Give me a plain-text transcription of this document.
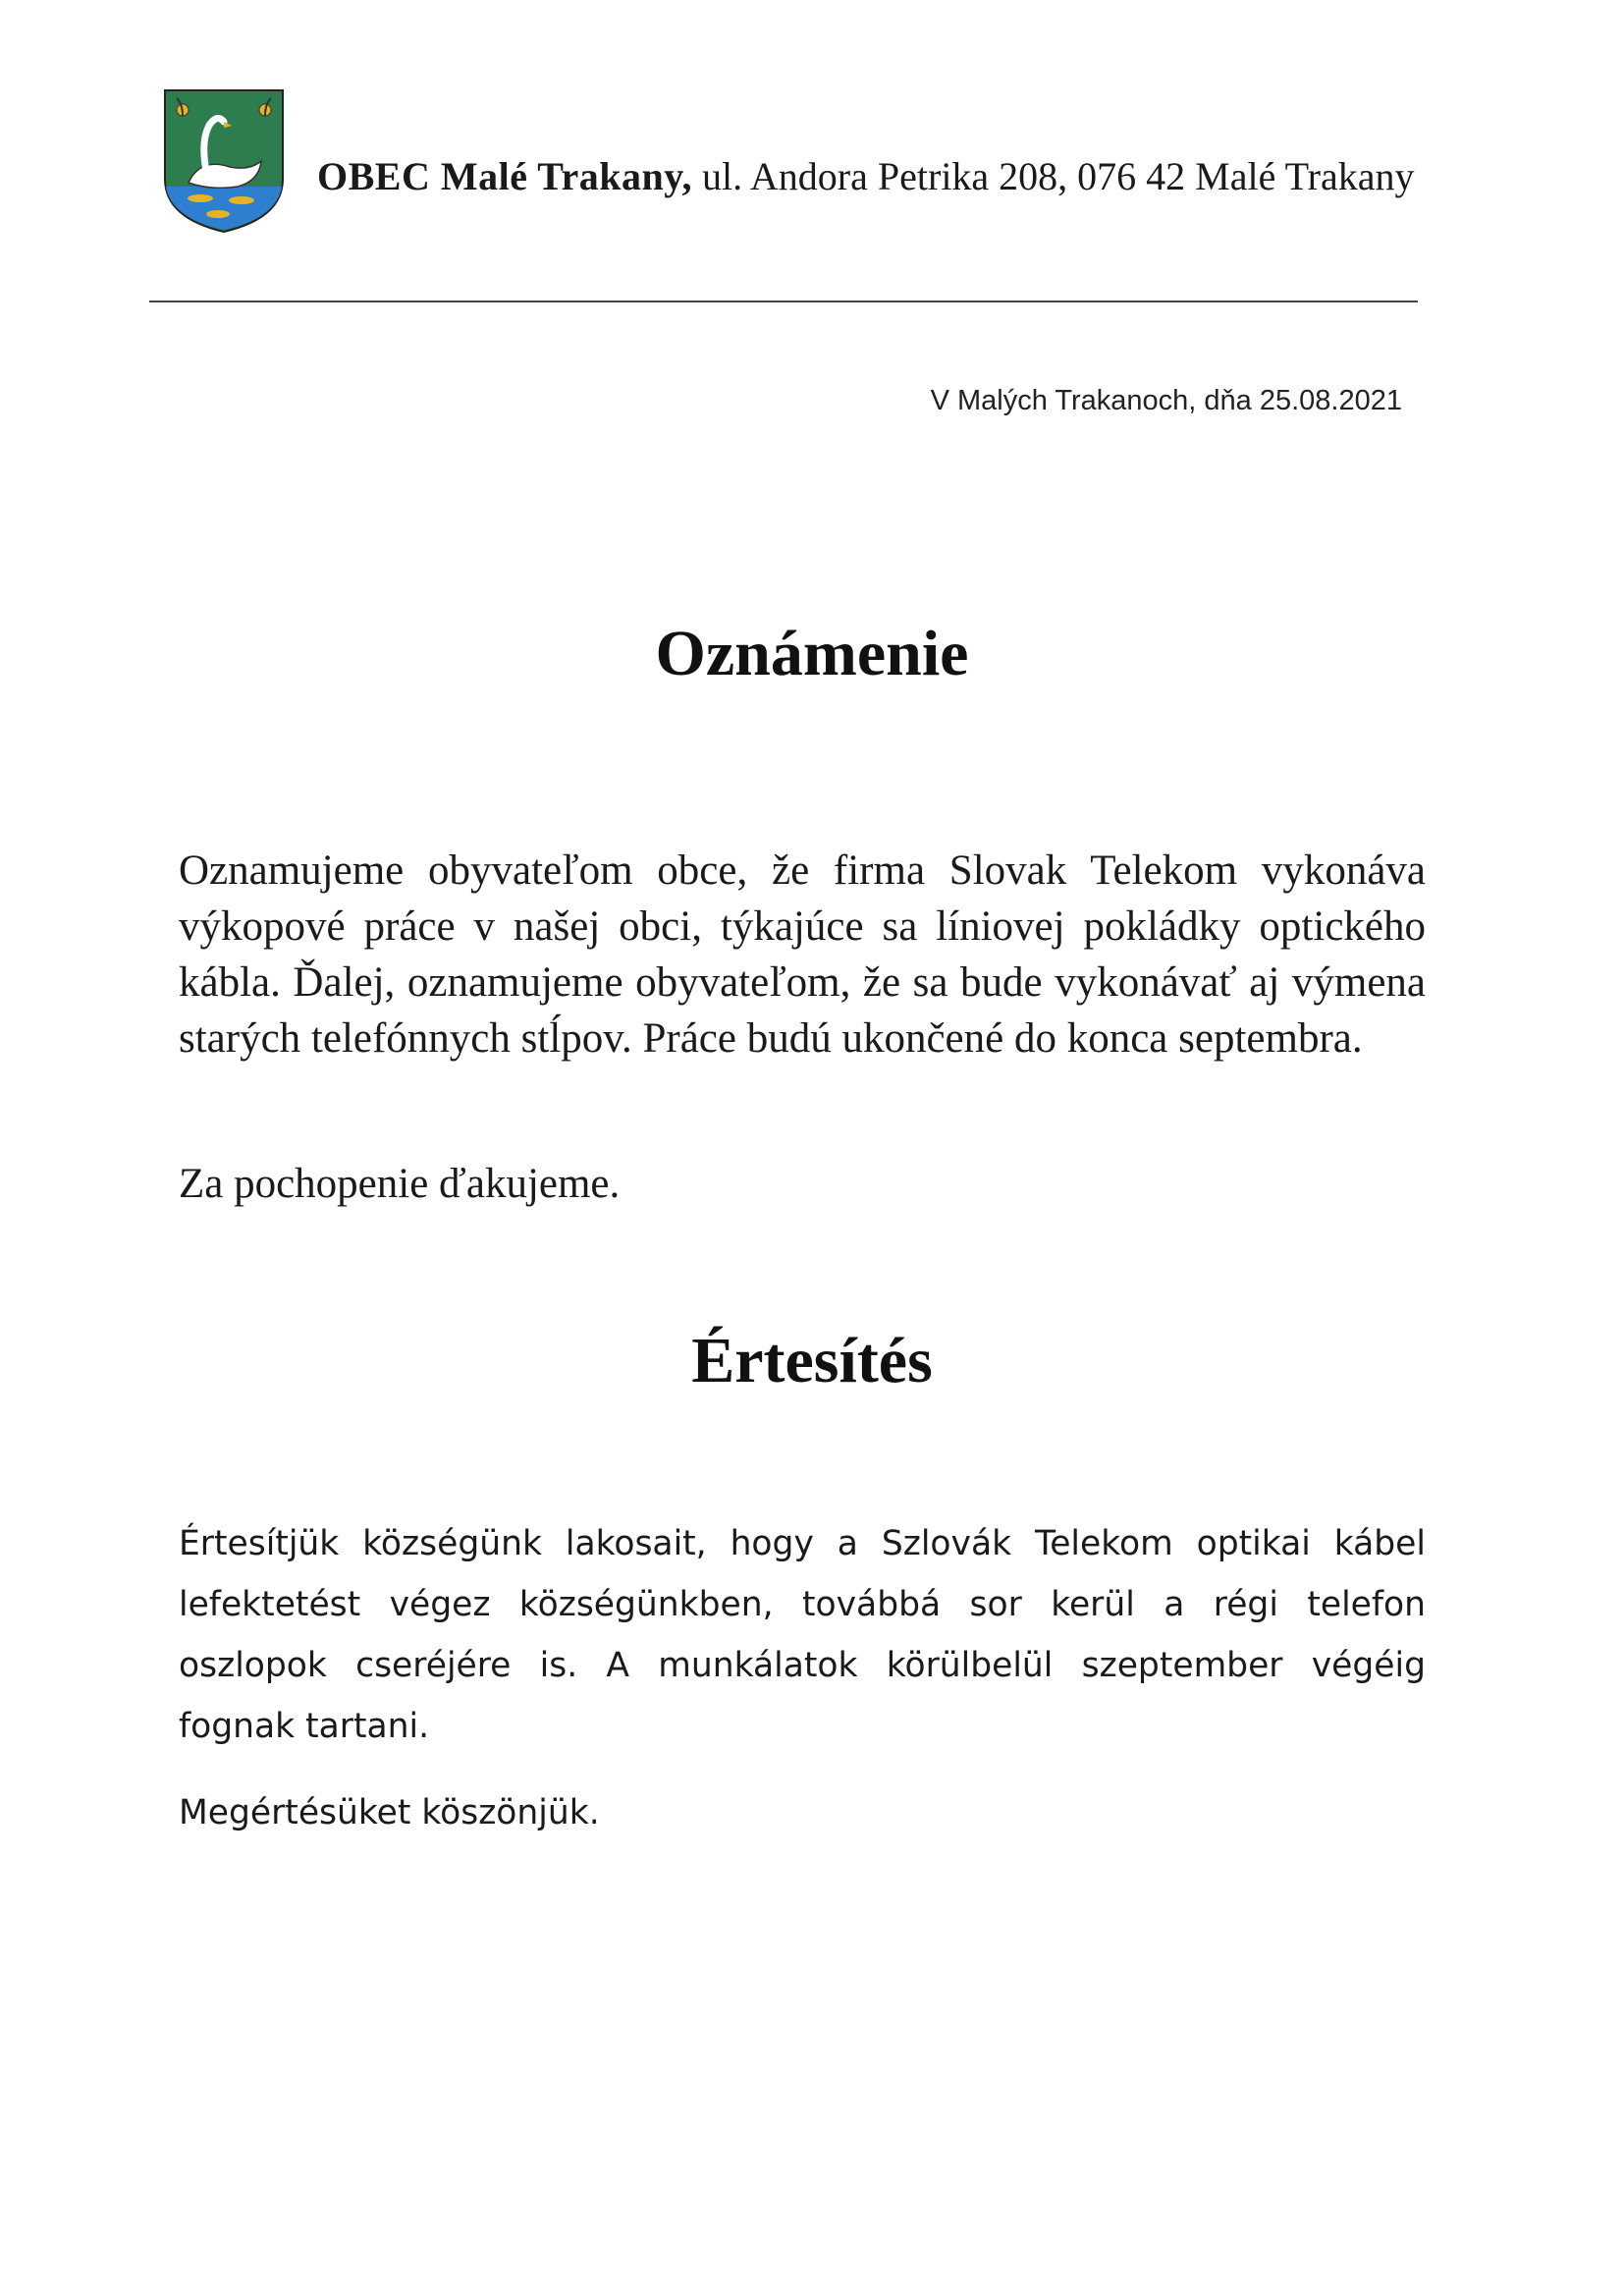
OBEC Malé Trakany, ul. Andora Petrika 208, 076 42 Malé Trakany
V Malých Trakanoch, dňa 25.08.2021
Oznámenie

Oznamujeme obyvateľom obce, že firma Slovak Telekom vykonáva výkopové práce v našej obci, týkajúce sa líniovej pokládky optického kábla. Ďalej, oznamujeme obyvateľom, že sa bude vykonávať aj výmena starých telefónnych stĺpov. Práce budú ukončené do konca septembra.

Za pochopenie ďakujeme.

Értesítés

Értesítjük községünk lakosait, hogy a Szlovák Telekom optikai kábel lefektetést végez községünkben, továbbá sor kerül a régi telefon oszlopok cseréjére is. A munkálatok körülbelül szeptember végéig fognak tartani.

Megértésüket köszönjük.
